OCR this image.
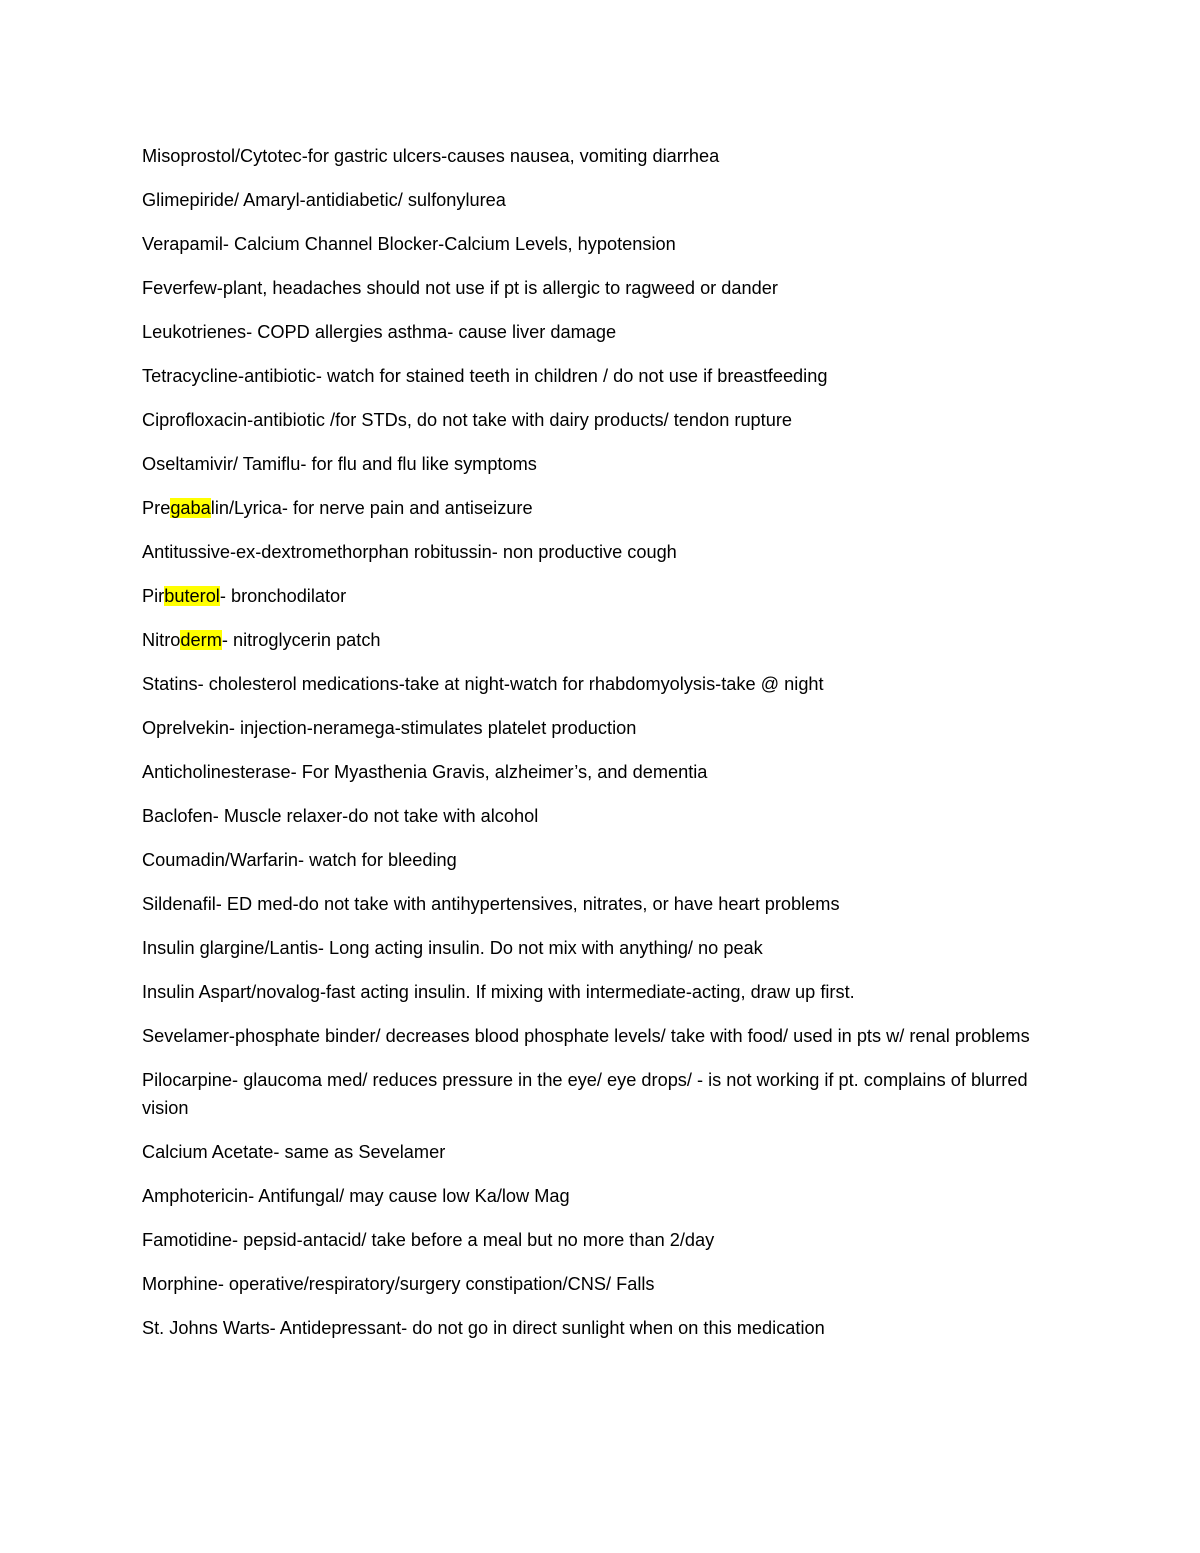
Misoprostol/Cytotec-for gastric ulcers-causes nausea, vomiting diarrhea

Glimepiride/ Amaryl-antidiabetic/ sulfonylurea

Verapamil- Calcium Channel Blocker-Calcium Levels, hypotension

Feverfew-plant, headaches should not use if pt is allergic to ragweed or dander

Leukotrienes- COPD allergies asthma- cause liver damage

Tetracycline-antibiotic- watch for stained teeth in children / do not use if breastfeeding

Ciprofloxacin-antibiotic /for STDs, do not take with dairy products/ tendon rupture

Oseltamivir/ Tamiflu- for flu and flu like symptoms

Pregabalin/Lyrica- for nerve pain and antiseizure

Antitussive-ex-dextromethorphan robitussin- non productive cough

Pirbuterol- bronchodilator

Nitroderm- nitroglycerin patch

Statins- cholesterol medications-take at night-watch for rhabdomyolysis-take @ night

Oprelvekin- injection-neramega-stimulates platelet production

Anticholinesterase- For Myasthenia Gravis, alzheimer’s, and dementia

Baclofen- Muscle relaxer-do not take with alcohol

Coumadin/Warfarin- watch for bleeding

Sildenafil- ED med-do not take with antihypertensives, nitrates, or have heart problems

Insulin glargine/Lantis- Long acting insulin. Do not mix with anything/ no peak

Insulin Aspart/novalog-fast acting insulin. If mixing with intermediate-acting, draw up first.

Sevelamer-phosphate binder/ decreases blood phosphate levels/ take with food/ used in pts w/ renal problems

Pilocarpine- glaucoma med/ reduces pressure in the eye/ eye drops/ - is not working if pt. complains of blurred vision

Calcium Acetate- same as Sevelamer

Amphotericin- Antifungal/ may cause low Ka/low Mag

Famotidine- pepsid-antacid/ take before a meal but no more than 2/day

Morphine- operative/respiratory/surgery constipation/CNS/ Falls

St. Johns Warts- Antidepressant- do not go in direct sunlight when on this medication
